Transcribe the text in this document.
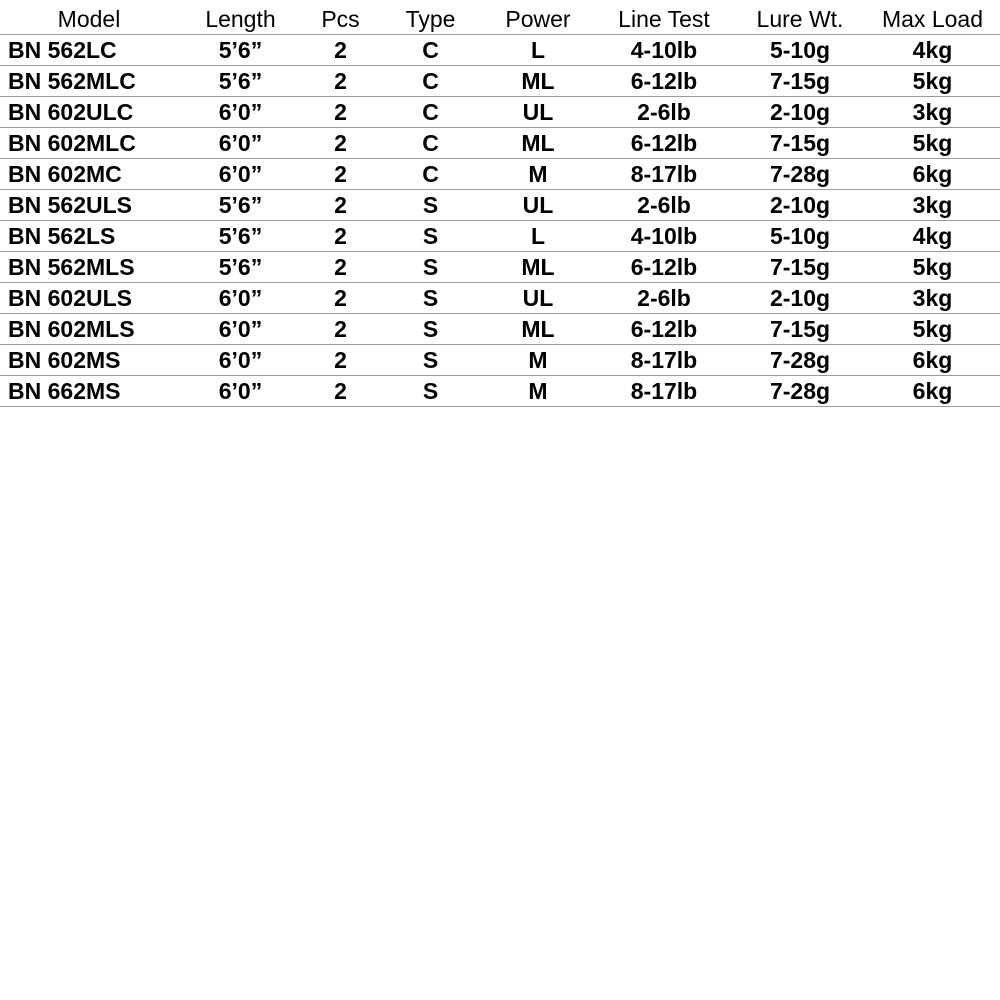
Model	Length	Pcs	Type	Power	Line Test	Lure Wt.	Max Load
BN 562LC	5’6”	2	C	L	4-10lb	5-10g	4kg
BN 562MLC	5’6”	2	C	ML	6-12lb	7-15g	5kg
BN 602ULC	6’0”	2	C	UL	2-6lb	2-10g	3kg
BN 602MLC	6’0”	2	C	ML	6-12lb	7-15g	5kg
BN 602MC	6’0”	2	C	M	8-17lb	7-28g	6kg
BN 562ULS	5’6”	2	S	UL	2-6lb	2-10g	3kg
BN 562LS	5’6”	2	S	L	4-10lb	5-10g	4kg
BN 562MLS	5’6”	2	S	ML	6-12lb	7-15g	5kg
BN 602ULS	6’0”	2	S	UL	2-6lb	2-10g	3kg
BN 602MLS	6’0”	2	S	ML	6-12lb	7-15g	5kg
BN 602MS	6’0”	2	S	M	8-17lb	7-28g	6kg
BN 662MS	6’0”	2	S	M	8-17lb	7-28g	6kg
